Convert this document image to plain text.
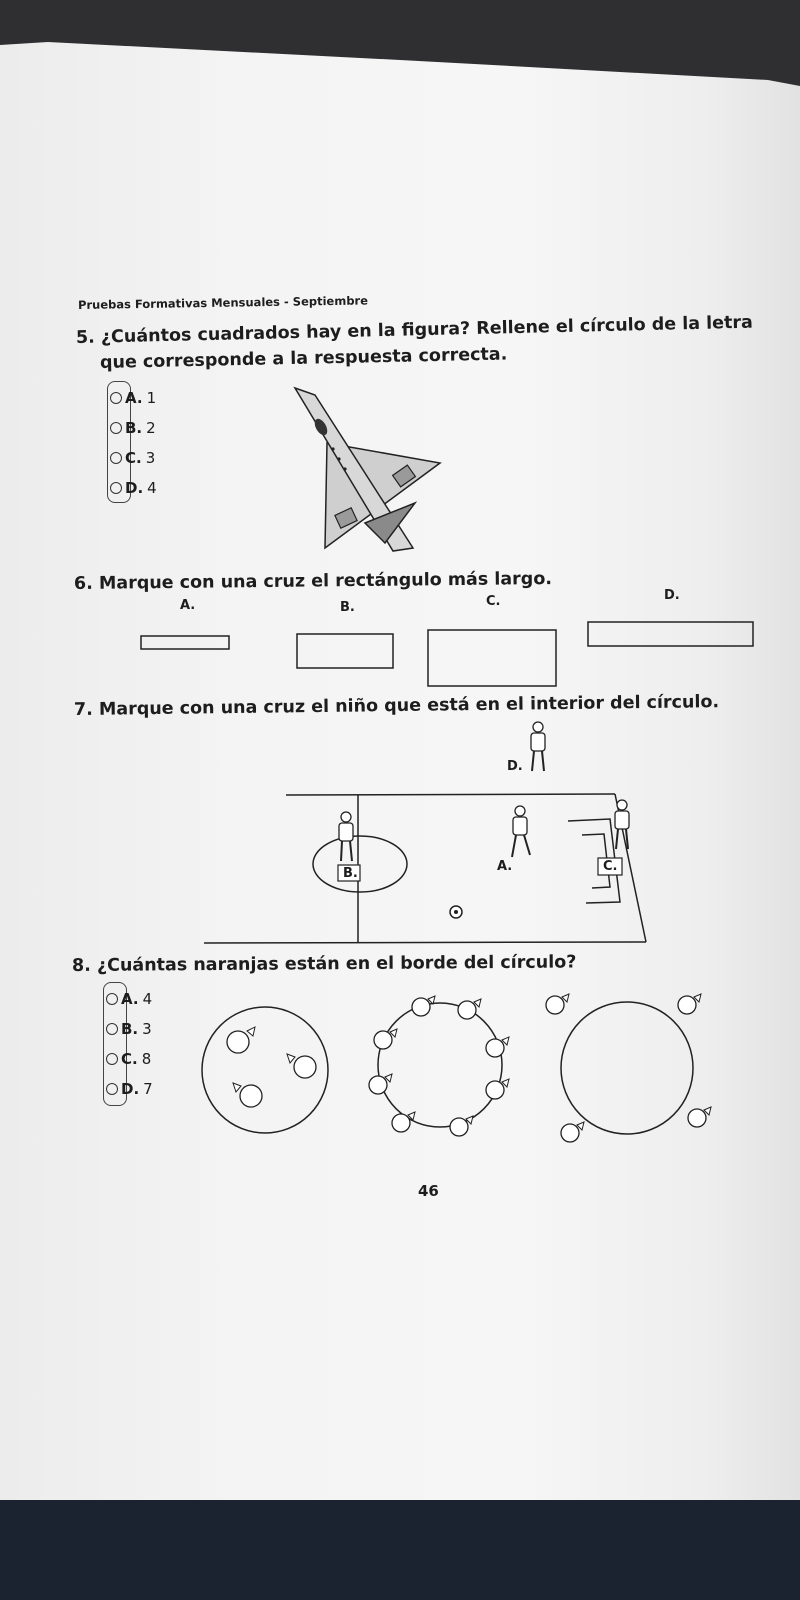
Pruebas Formativas Mensuales - Septiembre
5. ¿Cuántos cuadrados hay en la figura? Rellene el círculo de la letra
que corresponde a la respuesta correcta.
A. 1
B. 2
C. 3
D. 4
6. Marque con una cruz el rectángulo más largo.
A.	B.	C.	D.
7. Marque con una cruz el niño que está en el interior del círculo.
D.
B.	A.	C.
8. ¿Cuántas naranjas están en el borde del círculo?
A. 4
B. 3
C. 8
D. 7
46
